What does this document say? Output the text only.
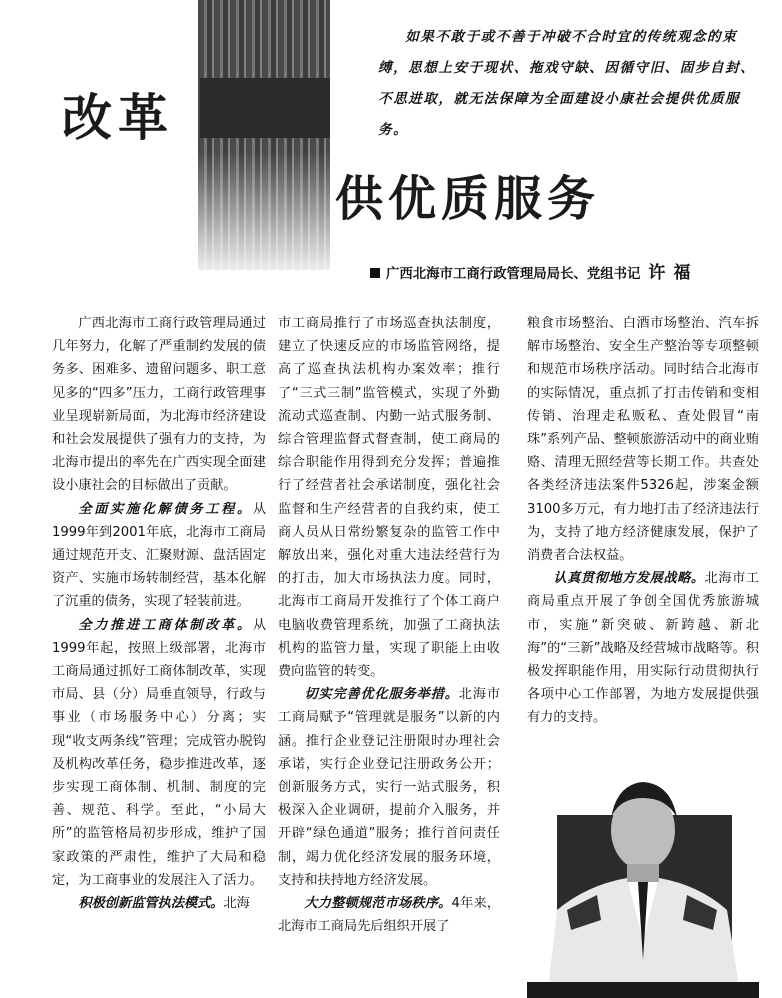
改革
供优质服务
如果不敢于或不善于冲破不合时宜的传统观念的束缚，思想上安于现状、拖戏守缺、因循守旧、固步自封、不思进取，就无法保障为全面建设小康社会提供优质服务。
广西北海市工商行政管理局局长、党组书记 许福

广西北海市工商行政管理局通过几年努力，化解了严重制约发展的债务多、困难多、遗留问题多、职工意见多的“四多”压力，工商行政管理事业呈现崭新局面，为北海市经济建设和社会发展提供了强有力的支持，为北海市提出的率先在广西实现全面建设小康社会的目标做出了贡献。

全面实施化解债务工程。从1999年到2001年底，北海市工商局通过规范开支、汇聚财源、盘活固定资产、实施市场转制经营，基本化解了沉重的债务，实现了轻装前进。

全力推进工商体制改革。从1999年起，按照上级部署，北海市工商局通过抓好工商体制改革，实现市局、县（分）局垂直领导，行政与事业（市场服务中心）分离；实现“收支两条线”管理；完成管办脱钩及机构改革任务，稳步推进改革，逐步实现工商体制、机制、制度的完善、规范、科学。至此，“小局大所”的监管格局初步形成，维护了国家政策的严肃性，维护了大局和稳定，为工商事业的发展注入了活力。

积极创新监管执法模式。北海

市工商局推行了市场巡查执法制度，建立了快速反应的市场监管网络，提高了巡查执法机构办案效率；推行了“三式三制”监管模式，实现了外勤流动式巡查制、内勤一站式服务制、综合管理监督式督查制，使工商局的综合职能作用得到充分发挥；普遍推行了经营者社会承诺制度，强化社会监督和生产经营者的自我约束，使工商人员从日常纷繁复杂的监管工作中解放出来，强化对重大违法经营行为的打击，加大市场执法力度。同时，北海市工商局开发推行了个体工商户电脑收费管理系统，加强了工商执法机构的监管力量，实现了职能上由收费向监管的转变。

切实完善优化服务举措。北海市工商局赋予“管理就是服务”以新的内涵。推行企业登记注册限时办理社会承诺，实行企业登记注册政务公开；创新服务方式，实行一站式服务，积极深入企业调研，提前介入服务，并开辟“绿色通道”服务；推行首问责任制，竭力优化经济发展的服务环境，支持和扶持地方经济发展。

大力整顿规范市场秩序。4年来，北海市工商局先后组织开展了

粮食市场整治、白酒市场整治、汽车拆解市场整治、安全生产整治等专项整顿和规范市场秩序活动。同时结合北海市的实际情况，重点抓了打击传销和变相传销、治理走私贩私、查处假冒“南珠”系列产品、整顿旅游活动中的商业贿赂、清理无照经营等长期工作。共查处各类经济违法案件5326起，涉案金额3100多万元，有力地打击了经济违法行为，支持了地方经济健康发展，保护了消费者合法权益。

认真贯彻地方发展战略。北海市工商局重点开展了争创全国优秀旅游城市，实施“新突破、新跨越、新北海”的“三新”战略及经营城市战略等。积极发挥职能作用，用实际行动贯彻执行各项中心工作部署，为地方发展提供强有力的支持。
